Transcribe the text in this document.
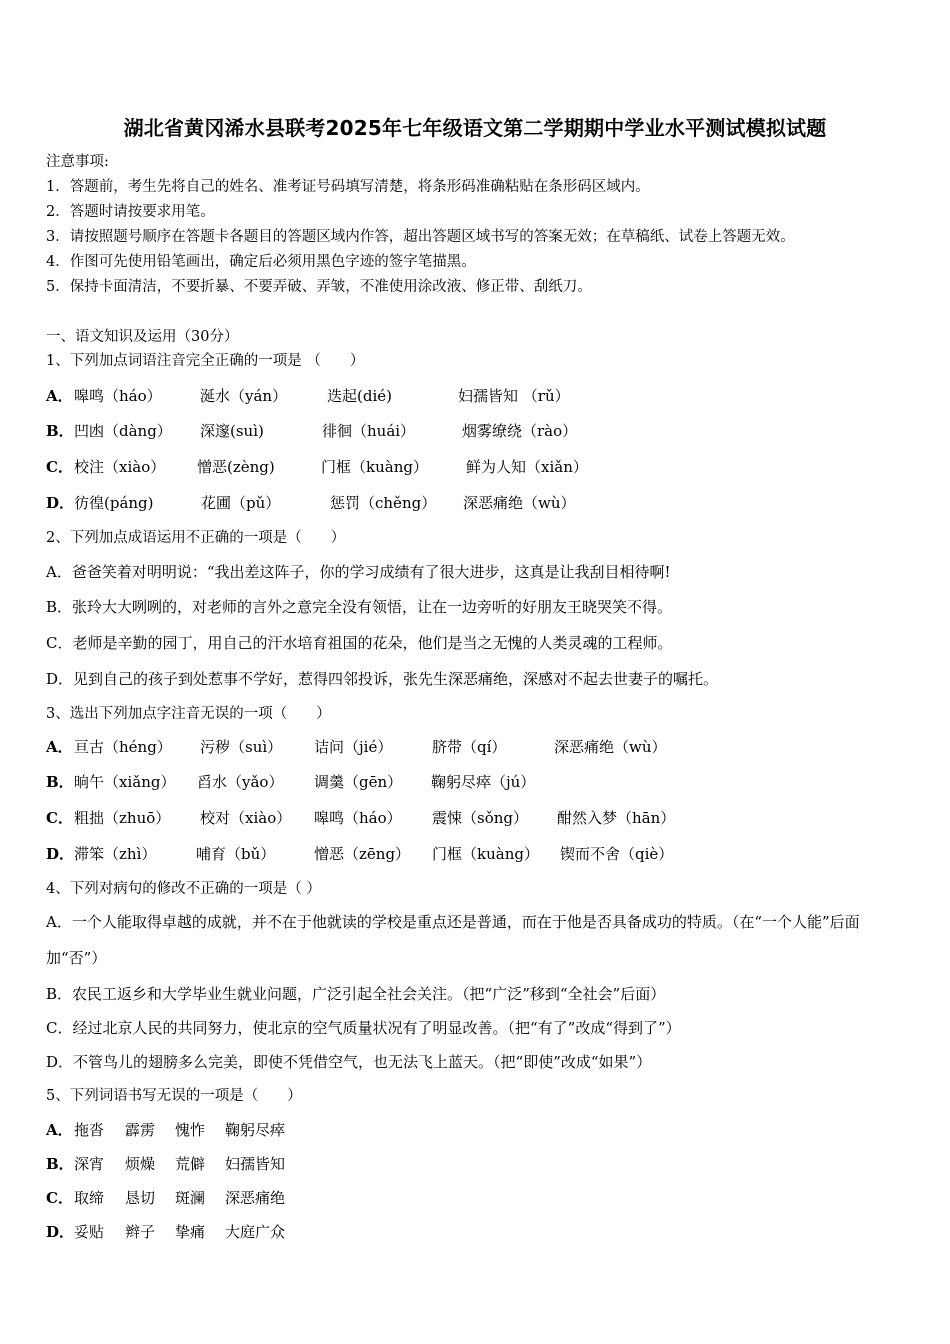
湖北省黄冈浠水县联考2025年七年级语文第二学期期中学业水平测试模拟试题
注意事项:
1．答题前，考生先将自己的姓名、准考证号码填写清楚，将条形码准确粘贴在条形码区域内。
2．答题时请按要求用笔。
3．请按照题号顺序在答题卡各题目的答题区域内作答，超出答题区域书写的答案无效；在草稿纸、试卷上答题无效。
4．作图可先使用铅笔画出，确定后必须用黑色字迹的签字笔描黑。
5．保持卡面清洁，不要折暴、不要弄破、弄皱，不准使用涂改液、修正带、刮纸刀。
一、语文知识及运用（30分）
1、下列加点词语注音完全正确的一项是 （　　）
A． 嗥鸣（háo）	涎水（yán）	迭起(dié)	妇孺皆知 （rǔ）
B． 凹凼（dàng） 深邃(suì)	徘徊（huái）	烟雾缭绕（rào）
C． 校注（xiào） 憎恶(zèng)	门框（kuàng）	鲜为人知（xiǎn）
D． 彷徨(páng)	花圃（pǔ）	惩罚（chěng） 深恶痛绝（wù）
2、下列加点成语运用不正确的一项是（　　）
A．爸爸笑着对明明说：“我出差这阵子，你的学习成绩有了很大进步，这真是让我刮目相待啊!
B．张玲大大咧咧的，对老师的言外之意完全没有领悟，让在一边旁听的好朋友王晓哭笑不得。
C．老师是辛勤的园丁，用自己的汗水培育祖国的花朵，他们是当之无愧的人类灵魂的工程师。
D．见到自己的孩子到处惹事不学好，惹得四邻投诉，张先生深恶痛绝，深感对不起去世妻子的嘱托。
3、选出下列加点字注音无误的一项（　　）
A． 亘古（héng） 污秽（suì） 诘问（jié）	脐带（qí）	深恶痛绝（wù）
B． 晌午（xiǎng） 舀水（yǎo） 调羹（gēn） 鞠躬尽瘁（jú）
C． 粗拙（zhuō） 校对（xiào） 嗥鸣（háo） 震悚（sǒng） 酣然入梦（hān）
D． 滞笨（zhì）	哺育（bǔ）	憎恶（zēng） 门框（kuàng） 锲而不舍（qiè）
4、下列对病句的修改不正确的一项是（ ）
A．一个人能取得卓越的成就，并不在于他就读的学校是重点还是普通，而在于他是否具备成功的特质。（在“一个人能”后面加“否”）
B．农民工返乡和大学毕业生就业问题，广泛引起全社会关注。（把“广泛”移到“全社会”后面）
C．经过北京人民的共同努力，使北京的空气质量状况有了明显改善。（把“有了”改成“得到了”）
D．不管鸟儿的翅膀多么完美，即使不凭借空气，也无法飞上蓝天。（把“即使”改成“如果”）
5、下列词语书写无误的一项是（　　）
A． 拖沓 霹雳 愧怍 鞠躬尽瘁
B． 深宵 烦燥 荒僻 妇孺皆知
C． 取缔 恳切 斑澜 深恶痛绝
D． 妥贴 辫子 挚痛 大庭广众
